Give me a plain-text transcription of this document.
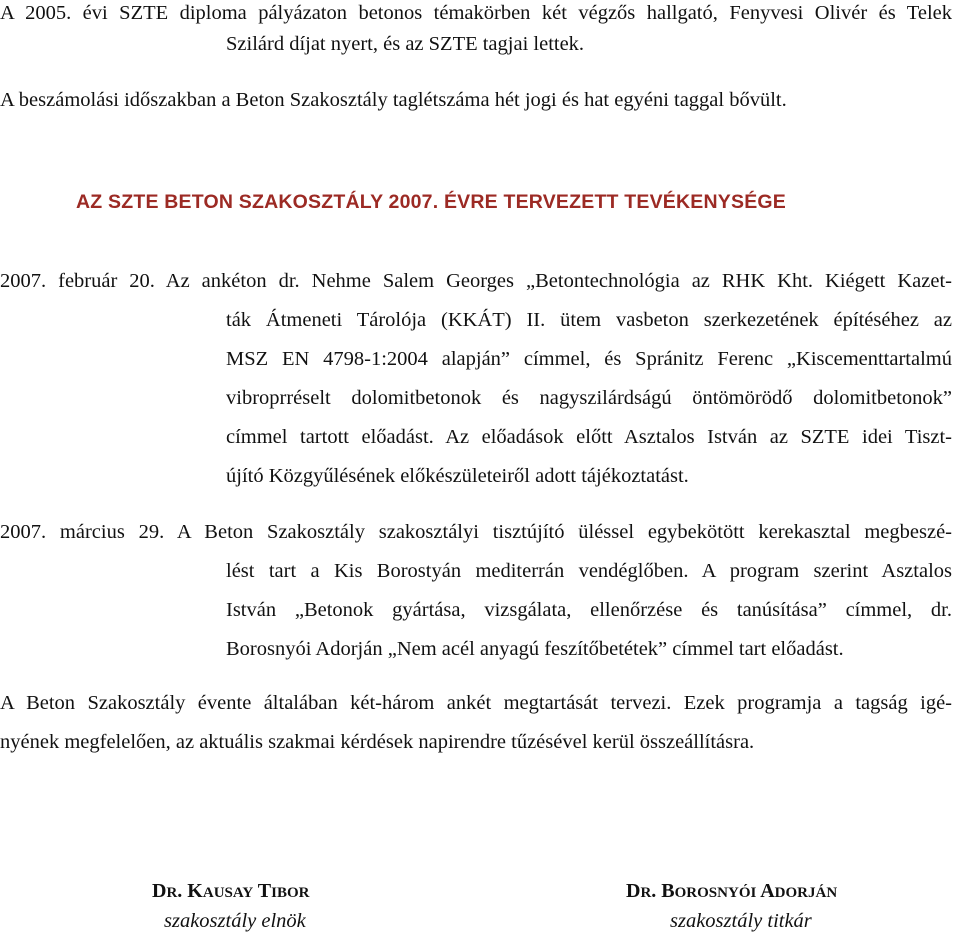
A 2005. évi SZTE diploma pályázaton betonos témakörben két végzős hallgató, Fenyvesi Olivér és Telek
Szilárd díjat nyert, és az SZTE tagjai lettek.
A beszámolási időszakban a Beton Szakosztály taglétszáma hét jogi és hat egyéni taggal bővült.
AZ SZTE BETON SZAKOSZTÁLY 2007. ÉVRE TERVEZETT TEVÉKENYSÉGE
2007. február 20. Az ankéton dr. Nehme Salem Georges „Betontechnológia az RHK Kht. Kiégett Kazet-
ták Átmeneti Tárolója (KKÁT) II. ütem vasbeton szerkezetének építéséhez az
MSZ EN 4798-1:2004 alapján” címmel, és Spránitz Ferenc „Kiscementtartalmú
vibroprréselt dolomitbetonok és nagyszilárdságú öntömörödő dolomitbetonok”
címmel tartott előadást. Az előadások előtt Asztalos István az SZTE idei Tiszt-
újító Közgyűlésének előkészületeiről adott tájékoztatást.
2007. március 29. A Beton Szakosztály szakosztályi tisztújító üléssel egybekötött kerekasztal megbeszé-
lést tart a Kis Borostyán mediterrán vendéglőben. A program szerint Asztalos
István „Betonok gyártása, vizsgálata, ellenőrzése és tanúsítása” címmel, dr.
Borosnyói Adorján „Nem acél anyagú feszítőbetétek” címmel tart előadást.
A Beton Szakosztály évente általában két-három ankét megtartását tervezi. Ezek programja a tagság igé-
nyének megfelelően, az aktuális szakmai kérdések napirendre tűzésével kerül összeállításra.
DR. KAUSAY TIBOR
szakosztály elnök
DR. BOROSNYÓI ADORJÁN
szakosztály titkár
